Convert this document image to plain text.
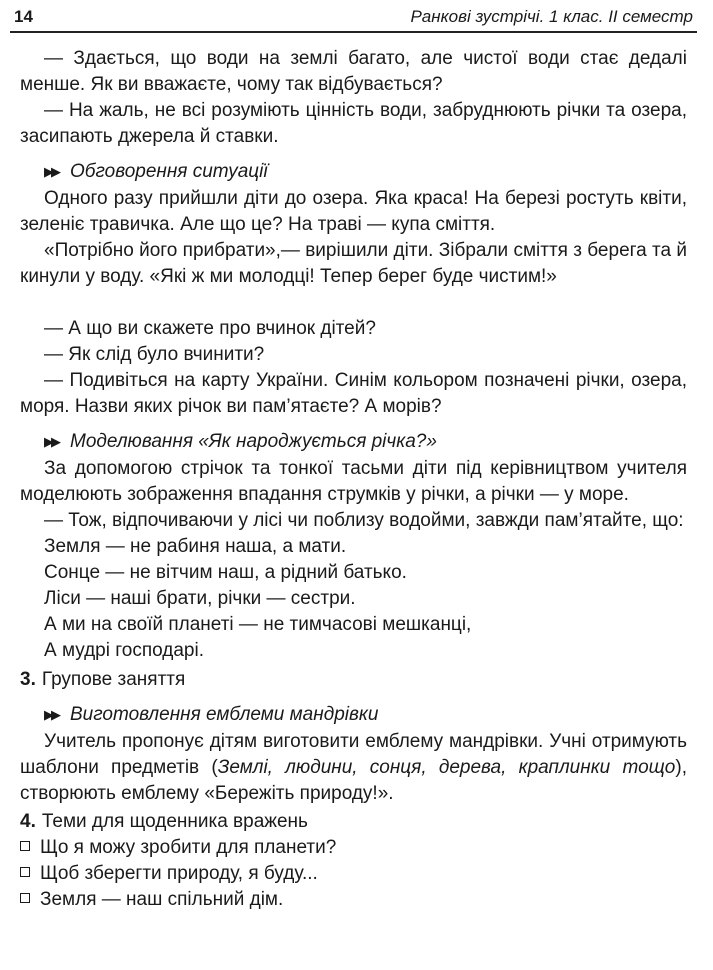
14	Ранкові зустрічі. 1 клас. II семестр

— Здається, що води на землі багато, але чистої води стає дедалі менше. Як ви вважаєте, чому так відбувається?

— На жаль, не всі розуміють цінність води, забруднюють річки та озера, засипають джерела й ставки.

▶▶ Обговорення ситуації

Одного разу прийшли діти до озера. Яка краса! На березі ростуть квіти, зеленіє травичка. Але що це? На траві — купа сміття.

«Потрібно його прибрати»,— вирішили діти. Зібрали сміття з берега та й кинули у воду. «Які ж ми молодці! Тепер берег буде чистим!»

— А що ви скажете про вчинок дітей?

— Як слід було вчинити?

— Подивіться на карту України. Синім кольором позначені річки, озера, моря. Назви яких річок ви пам’ятаєте? А морів?

▶▶ Моделювання «Як народжується річка?»

За допомогою стрічок та тонкої тасьми діти під керівництвом учителя моделюють зображення впадання струмків у річки, а річки — у море.

— Тож, відпочиваючи у лісі чи поблизу водойми, завжди пам’ятайте, що:

Земля — не рабиня наша, а мати.

Сонце — не вітчим наш, а рідний батько.

Ліси — наші брати, річки — сестри.

А ми на своїй планеті — не тимчасові мешканці,

А мудрі господарі.

3. Групове заняття
▶▶ Виготовлення емблеми мандрівки

Учитель пропонує дітям виготовити емблему мандрівки. Учні отримують шаблони предметів (Землі, людини, сонця, дерева, краплинки тощо), створюють емблему «Бережіть природу!».

4. Теми для щоденника вражень
Що я можу зробити для планети?
Щоб зберегти природу, я буду...
Земля — наш спільний дім.
